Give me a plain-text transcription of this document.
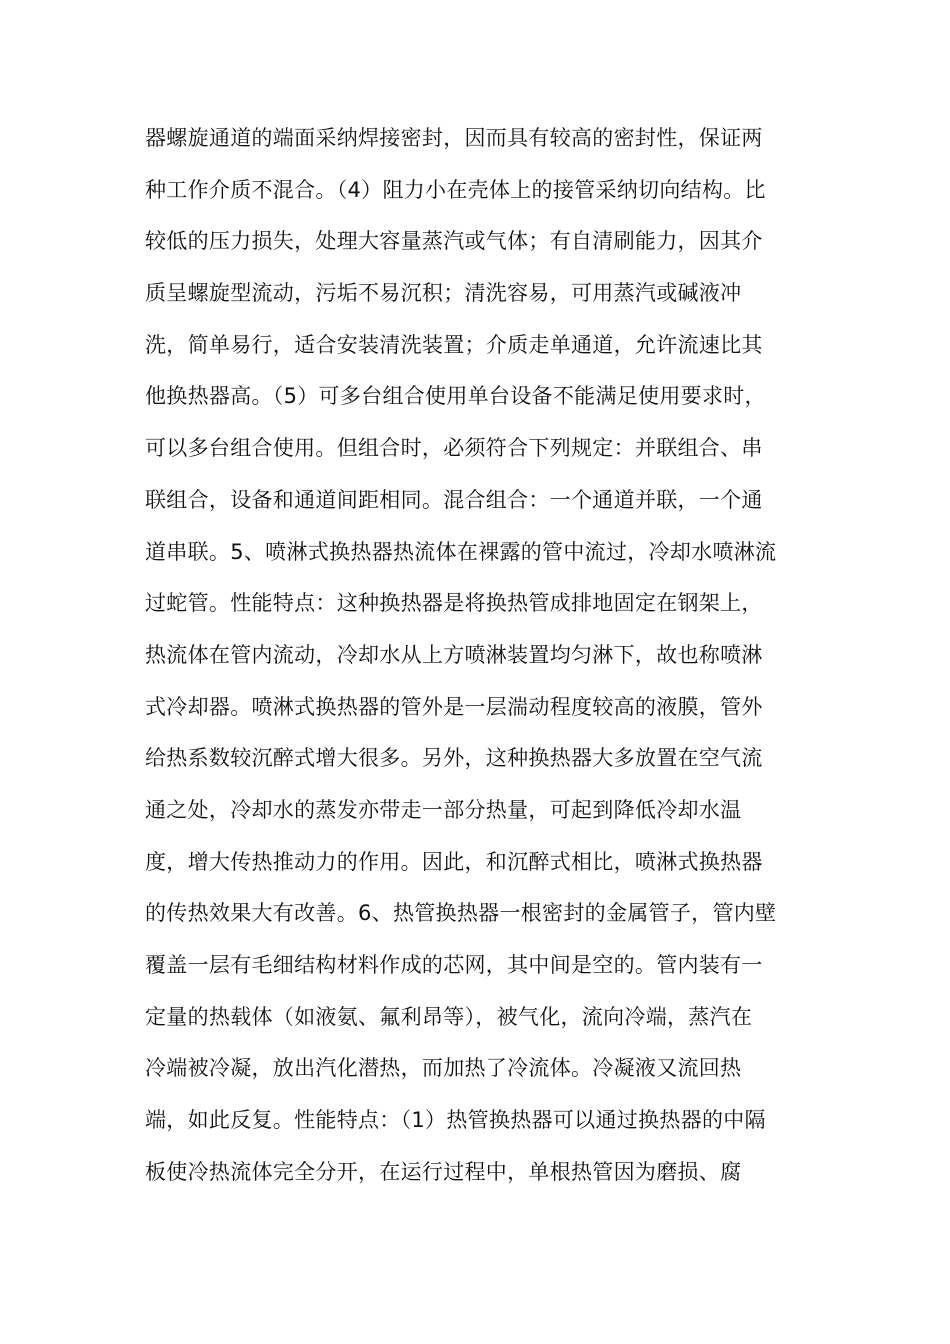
器螺旋通道的端面采纳焊接密封，因而具有较高的密封性，保证两
种工作介质不混合。（4）阻力小在壳体上的接管采纳切向结构。比
较低的压力损失，处理大容量蒸汽或气体；有自清刷能力，因其介
质呈螺旋型流动，污垢不易沉积；清洗容易，可用蒸汽或碱液冲
洗，简单易行，适合安装清洗装置；介质走单通道，允许流速比其
他换热器高。（5）可多台组合使用单台设备不能满足使用要求时，
可以多台组合使用。但组合时，必须符合下列规定：并联组合、串
联组合，设备和通道间距相同。混合组合：一个通道并联，一个通
道串联。5、喷淋式换热器热流体在裸露的管中流过，冷却水喷淋流
过蛇管。性能特点：这种换热器是将换热管成排地固定在钢架上，
热流体在管内流动，冷却水从上方喷淋装置均匀淋下，故也称喷淋
式冷却器。喷淋式换热器的管外是一层湍动程度较高的液膜，管外
给热系数较沉醉式增大很多。另外，这种换热器大多放置在空气流
通之处，冷却水的蒸发亦带走一部分热量，可起到降低冷却水温
度，增大传热推动力的作用。因此，和沉醉式相比，喷淋式换热器
的传热效果大有改善。6、热管换热器一根密封的金属管子，管内壁
覆盖一层有毛细结构材料作成的芯网，其中间是空的。管内装有一
定量的热载体（如液氨、氟利昂等），被气化，流向冷端，蒸汽在
冷端被冷凝，放出汽化潜热，而加热了冷流体。冷凝液又流回热
端，如此反复。性能特点：（1）热管换热器可以通过换热器的中隔
板使冷热流体完全分开，在运行过程中，单根热管因为磨损、腐
